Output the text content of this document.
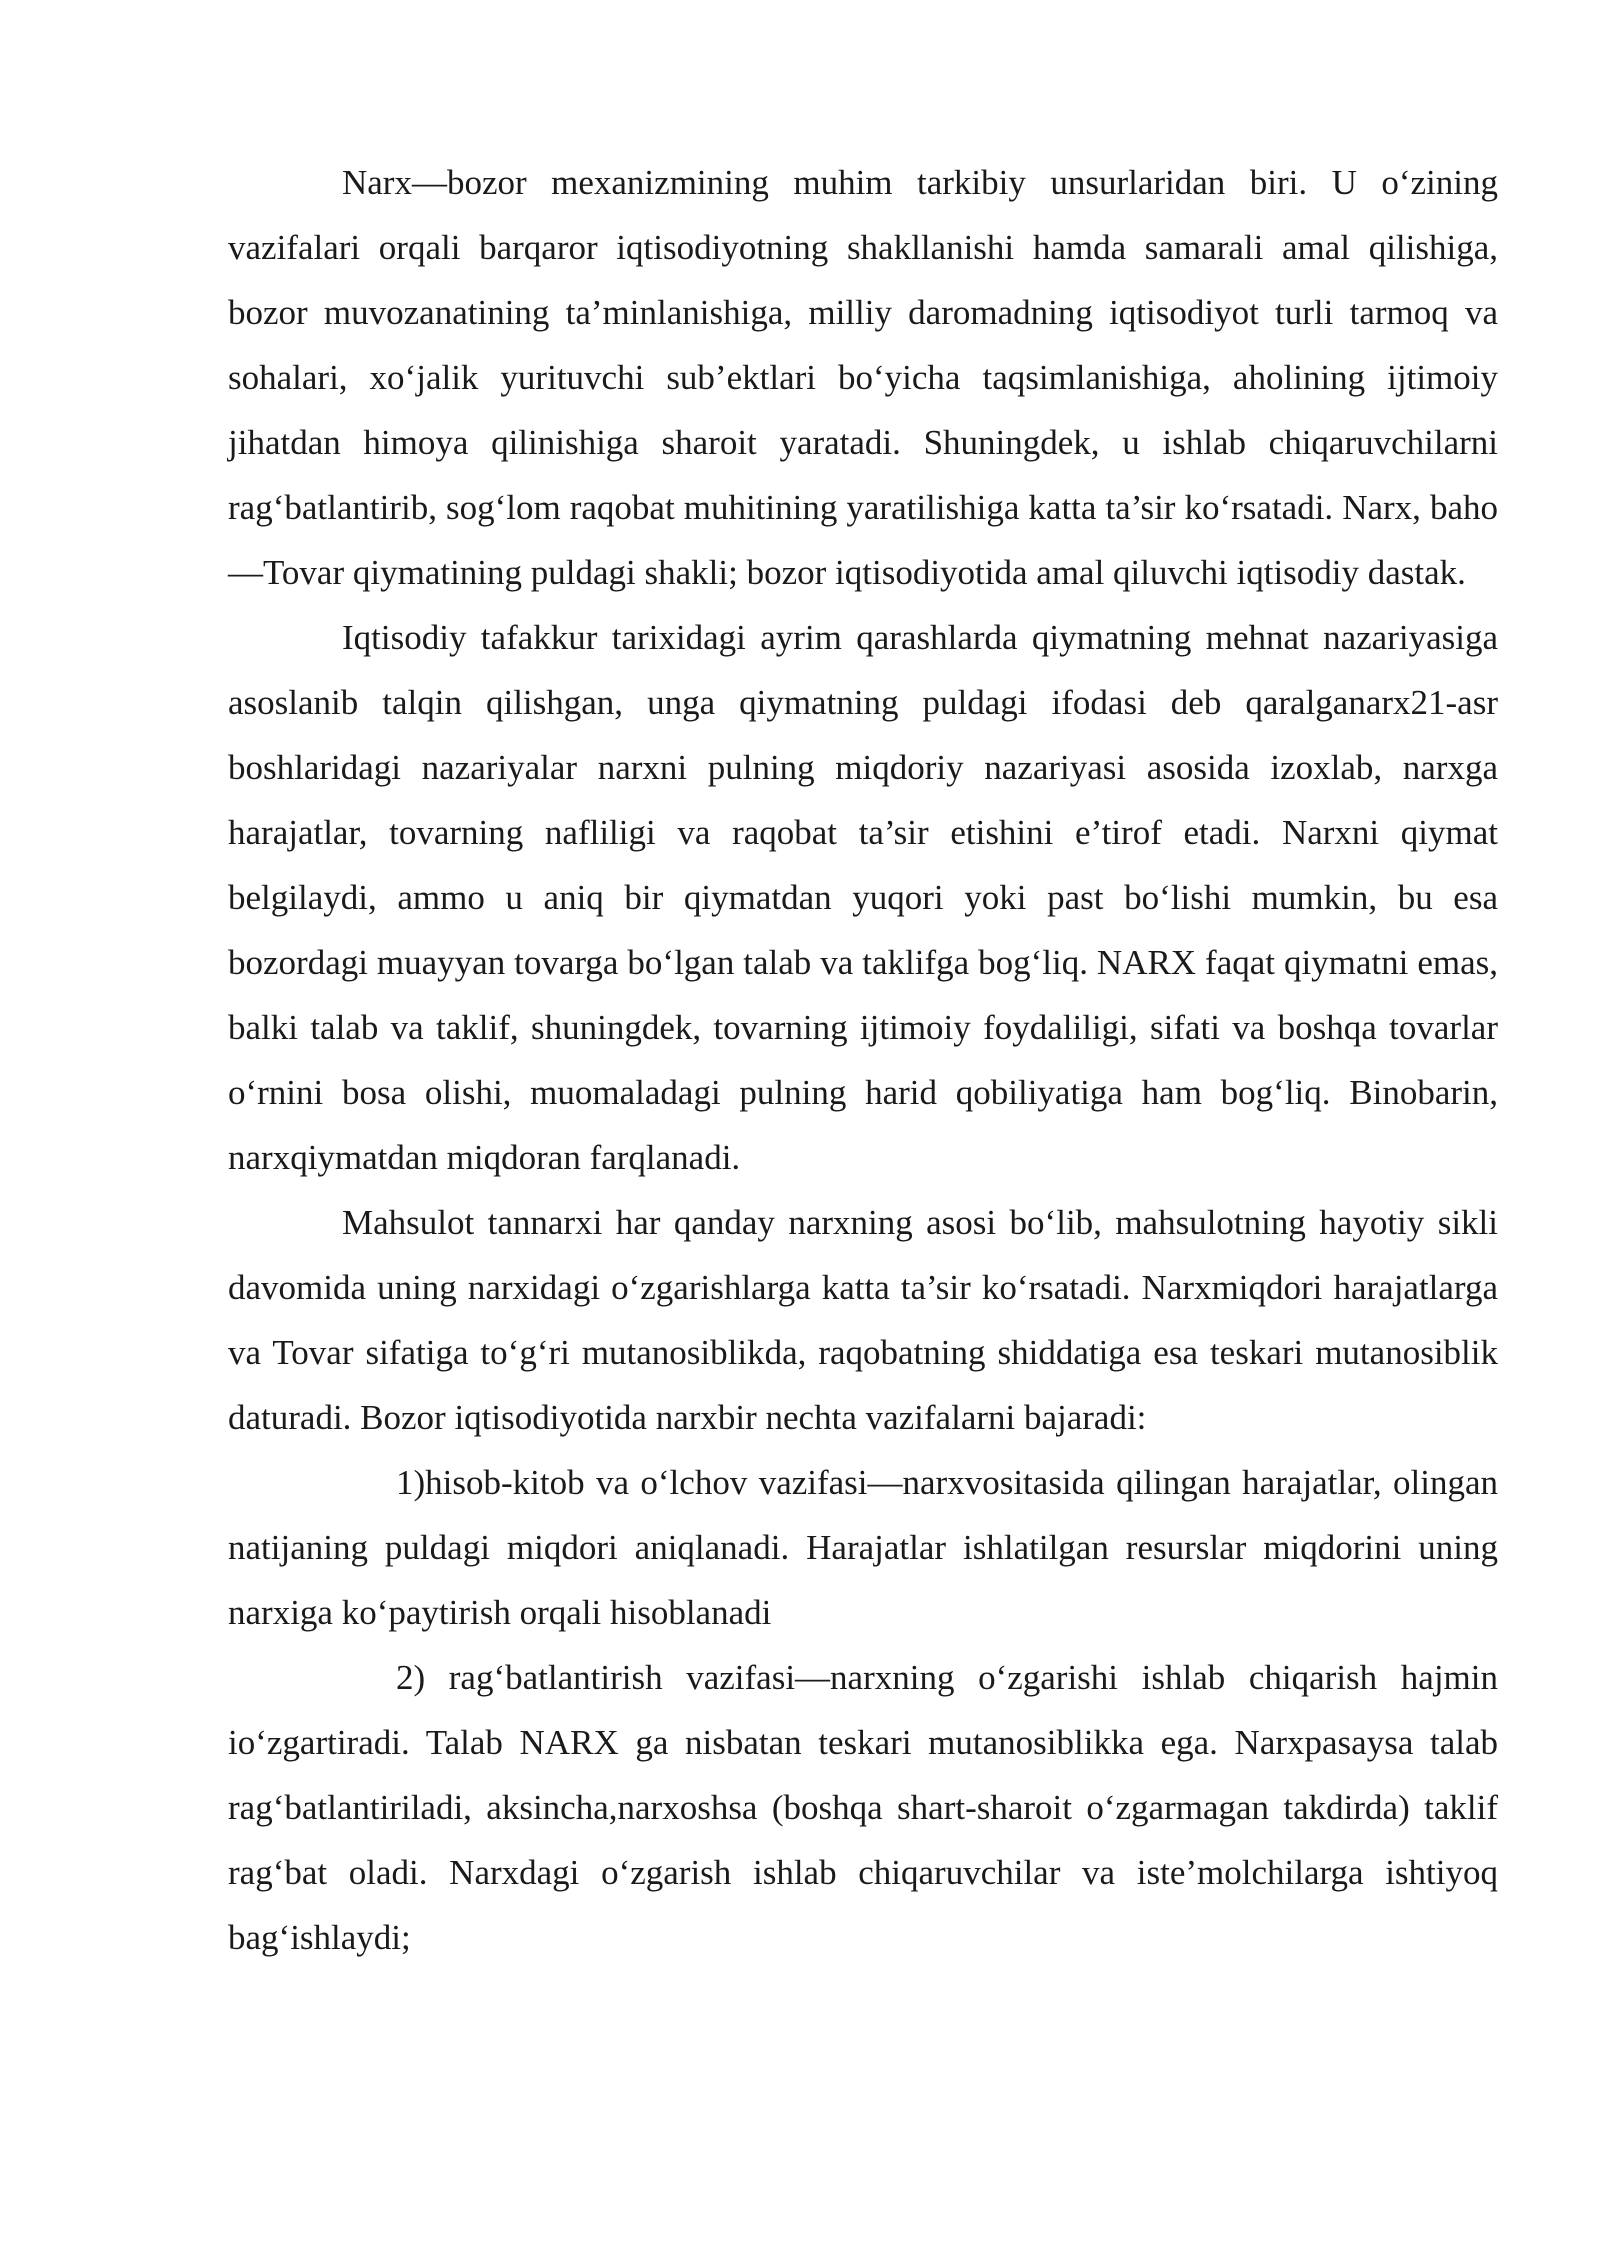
Narx—bozor mexanizmining muhim tarkibiy unsurlaridan biri. U o‘zining vazifalari orqali barqaror iqtisodiyotning shakllanishi hamda samarali amal qilishiga, bozor muvozanatining ta’minlanishiga, milliy daromadning iqtisodiyot turli tarmoq va sohalari, xo‘jalik yurituvchi sub’ektlari bo‘yicha taqsimlanishiga, aholining ijtimoiy jihatdan himoya qilinishiga sharoit yaratadi. Shuningdek, u ishlab chiqaruvchilarni rag‘batlantirib, sog‘lom raqobat muhitining yaratilishiga katta ta’sir ko‘rsatadi. Narx, baho—Tovar qiymatining puldagi shakli; bozor iqtisodiyotida amal qiluvchi iqtisodiy dastak.

Iqtisodiy tafakkur tarixidagi ayrim qarashlarda qiymatning mehnat nazariyasiga asoslanib talqin qilishgan, unga qiymatning puldagi ifodasi deb qaralganarx21-asr boshlaridagi nazariyalar narxni pulning miqdoriy nazariyasi asosida izoxlab, narxga harajatlar, tovarning nafliligi va raqobat ta’sir etishini e’tirof etadi. Narxni qiymat belgilaydi, ammo u aniq bir qiymatdan yuqori yoki past bo‘lishi mumkin, bu esa bozordagi muayyan tovarga bo‘lgan talab va taklifga bog‘liq. NARX faqat qiymatni emas, balki talab va taklif, shuningdek, tovarning ijtimoiy foydaliligi, sifati va boshqa tovarlar o‘rnini bosa olishi, muomaladagi pulning harid qobiliyatiga ham bog‘liq. Binobarin, narxqiymatdan miqdoran farqlanadi.

Mahsulot tannarxi har qanday narxning asosi bo‘lib, mahsulotning hayotiy sikli davomida uning narxidagi o‘zgarishlarga katta ta’sir ko‘rsatadi. Narxmiqdori harajatlarga va Tovar sifatiga to‘g‘ri mutanosiblikda, raqobatning shiddatiga esa teskari mutanosiblik daturadi. Bozor iqtisodiyotida narxbir nechta vazifalarni bajaradi:

1)hisob-kitob va o‘lchov vazifasi—narxvositasida qilingan harajatlar, olingan natijaning puldagi miqdori aniqlanadi. Harajatlar ishlatilgan resurslar miqdorini uning narxiga ko‘paytirish orqali hisoblanadi

2) rag‘batlantirish vazifasi—narxning o‘zgarishi ishlab chiqarish hajmin io‘zgartiradi. Talab NARX ga nisbatan teskari mutanosiblikka ega. Narxpasaysa talab rag‘batlantiriladi, aksincha,narxoshsa (boshqa shart-sharoit o‘zgarmagan takdirda) taklif rag‘bat oladi. Narxdagi o‘zgarish ishlab chiqaruvchilar va iste’molchilarga ishtiyoq bag‘ishlaydi;
